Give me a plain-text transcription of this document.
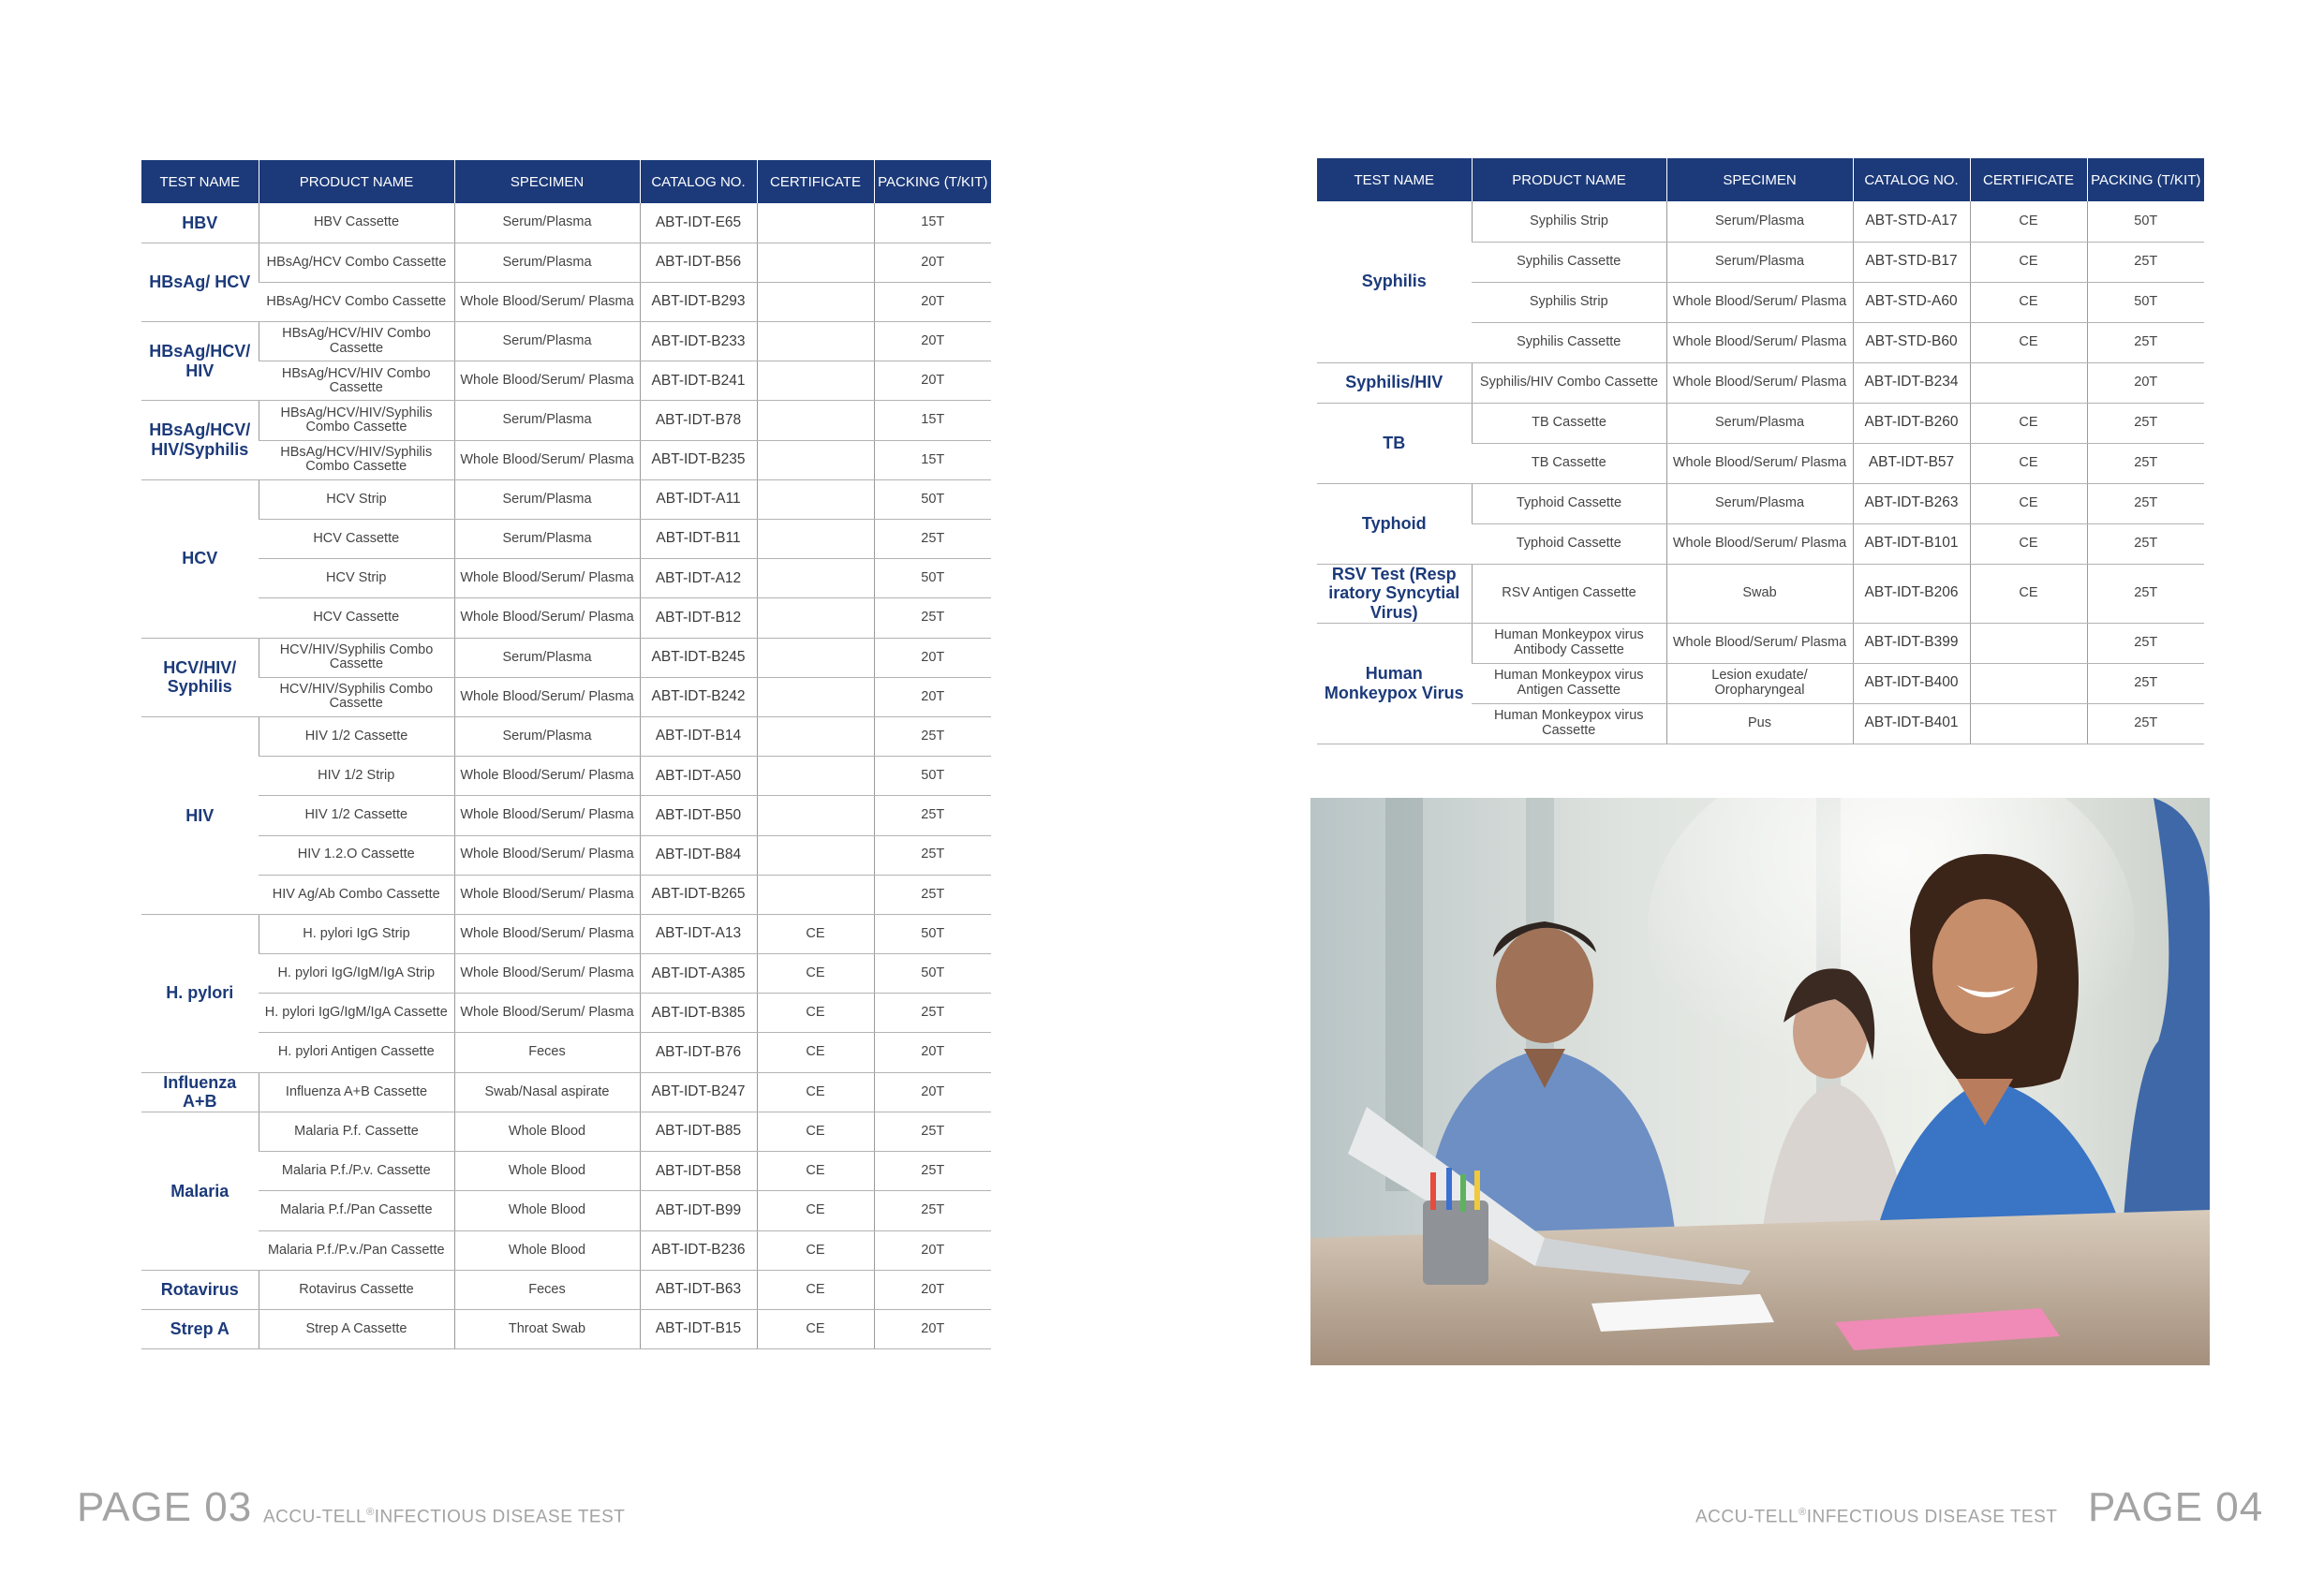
TEST NAME	PRODUCT NAME	SPECIMEN	CATALOG NO.	CERTIFICATE	PACKING (T/KIT)
HBV	HBV Cassette	Serum/Plasma	ABT-IDT-E65		15T
HBsAg/ HCV	HBsAg/HCV Combo Cassette	Serum/Plasma	ABT-IDT-B56		20T
	HBsAg/HCV Combo Cassette	Whole Blood/Serum/ Plasma	ABT-IDT-B293		20T
HBsAg/HCV/ HIV	HBsAg/HCV/HIV Combo Cassette	Serum/Plasma	ABT-IDT-B233		20T
	HBsAg/HCV/HIV Combo Cassette	Whole Blood/Serum/ Plasma	ABT-IDT-B241		20T
HBsAg/HCV/ HIV/Syphilis	HBsAg/HCV/HIV/Syphilis Combo Cassette	Serum/Plasma	ABT-IDT-B78		15T
	HBsAg/HCV/HIV/Syphilis Combo Cassette	Whole Blood/Serum/ Plasma	ABT-IDT-B235		15T
HCV	HCV Strip	Serum/Plasma	ABT-IDT-A11		50T
	HCV Cassette	Serum/Plasma	ABT-IDT-B11		25T
	HCV Strip	Whole Blood/Serum/ Plasma	ABT-IDT-A12		50T
	HCV Cassette	Whole Blood/Serum/ Plasma	ABT-IDT-B12		25T
HCV/HIV/ Syphilis	HCV/HIV/Syphilis Combo Cassette	Serum/Plasma	ABT-IDT-B245		20T
	HCV/HIV/Syphilis Combo Cassette	Whole Blood/Serum/ Plasma	ABT-IDT-B242		20T
HIV	HIV 1/2 Cassette	Serum/Plasma	ABT-IDT-B14		25T
	HIV 1/2 Strip	Whole Blood/Serum/ Plasma	ABT-IDT-A50		50T
	HIV 1/2 Cassette	Whole Blood/Serum/ Plasma	ABT-IDT-B50		25T
	HIV 1.2.O Cassette	Whole Blood/Serum/ Plasma	ABT-IDT-B84		25T
	HIV Ag/Ab Combo Cassette	Whole Blood/Serum/ Plasma	ABT-IDT-B265		25T
H. pylori	H. pylori IgG Strip	Whole Blood/Serum/ Plasma	ABT-IDT-A13	CE	50T
	H. pylori IgG/IgM/IgA Strip	Whole Blood/Serum/ Plasma	ABT-IDT-A385	CE	50T
	H. pylori IgG/IgM/IgA Cassette	Whole Blood/Serum/ Plasma	ABT-IDT-B385	CE	25T
	H. pylori Antigen Cassette	Feces	ABT-IDT-B76	CE	20T
Influenza A+B	Influenza A+B Cassette	Swab/Nasal aspirate	ABT-IDT-B247	CE	20T
Malaria	Malaria P.f. Cassette	Whole Blood	ABT-IDT-B85	CE	25T
	Malaria P.f./P.v. Cassette	Whole Blood	ABT-IDT-B58	CE	25T
	Malaria P.f./Pan Cassette	Whole Blood	ABT-IDT-B99	CE	25T
	Malaria P.f./P.v./Pan Cassette	Whole Blood	ABT-IDT-B236	CE	20T
Rotavirus	Rotavirus Cassette	Feces	ABT-IDT-B63	CE	20T
Strep A	Strep A Cassette	Throat Swab	ABT-IDT-B15	CE	20T
TEST NAME	PRODUCT NAME	SPECIMEN	CATALOG NO.	CERTIFICATE	PACKING (T/KIT)
Syphilis	Syphilis Strip	Serum/Plasma	ABT-STD-A17	CE	50T
	Syphilis Cassette	Serum/Plasma	ABT-STD-B17	CE	25T
	Syphilis Strip	Whole Blood/Serum/ Plasma	ABT-STD-A60	CE	50T
	Syphilis Cassette	Whole Blood/Serum/ Plasma	ABT-STD-B60	CE	25T
Syphilis/HIV	Syphilis/HIV Combo Cassette	Whole Blood/Serum/ Plasma	ABT-IDT-B234		20T
TB	TB Cassette	Serum/Plasma	ABT-IDT-B260	CE	25T
	TB Cassette	Whole Blood/Serum/ Plasma	ABT-IDT-B57	CE	25T
Typhoid	Typhoid Cassette	Serum/Plasma	ABT-IDT-B263	CE	25T
	Typhoid Cassette	Whole Blood/Serum/ Plasma	ABT-IDT-B101	CE	25T
RSV Test (Resp iratory Syncytial Virus)	RSV Antigen Cassette	Swab	ABT-IDT-B206	CE	25T
Human Monkeypox Virus	Human Monkeypox virus Antibody Cassette	Whole Blood/Serum/ Plasma	ABT-IDT-B399		25T
	Human Monkeypox virus Antigen Cassette	Lesion exudate/ Oropharyngeal	ABT-IDT-B400		25T
	Human Monkeypox virus Cassette	Pus	ABT-IDT-B401		25T
PAGE 03 ACCU-TELL®INFECTIOUS DISEASE TEST	ACCU-TELL®INFECTIOUS DISEASE TEST PAGE 04
